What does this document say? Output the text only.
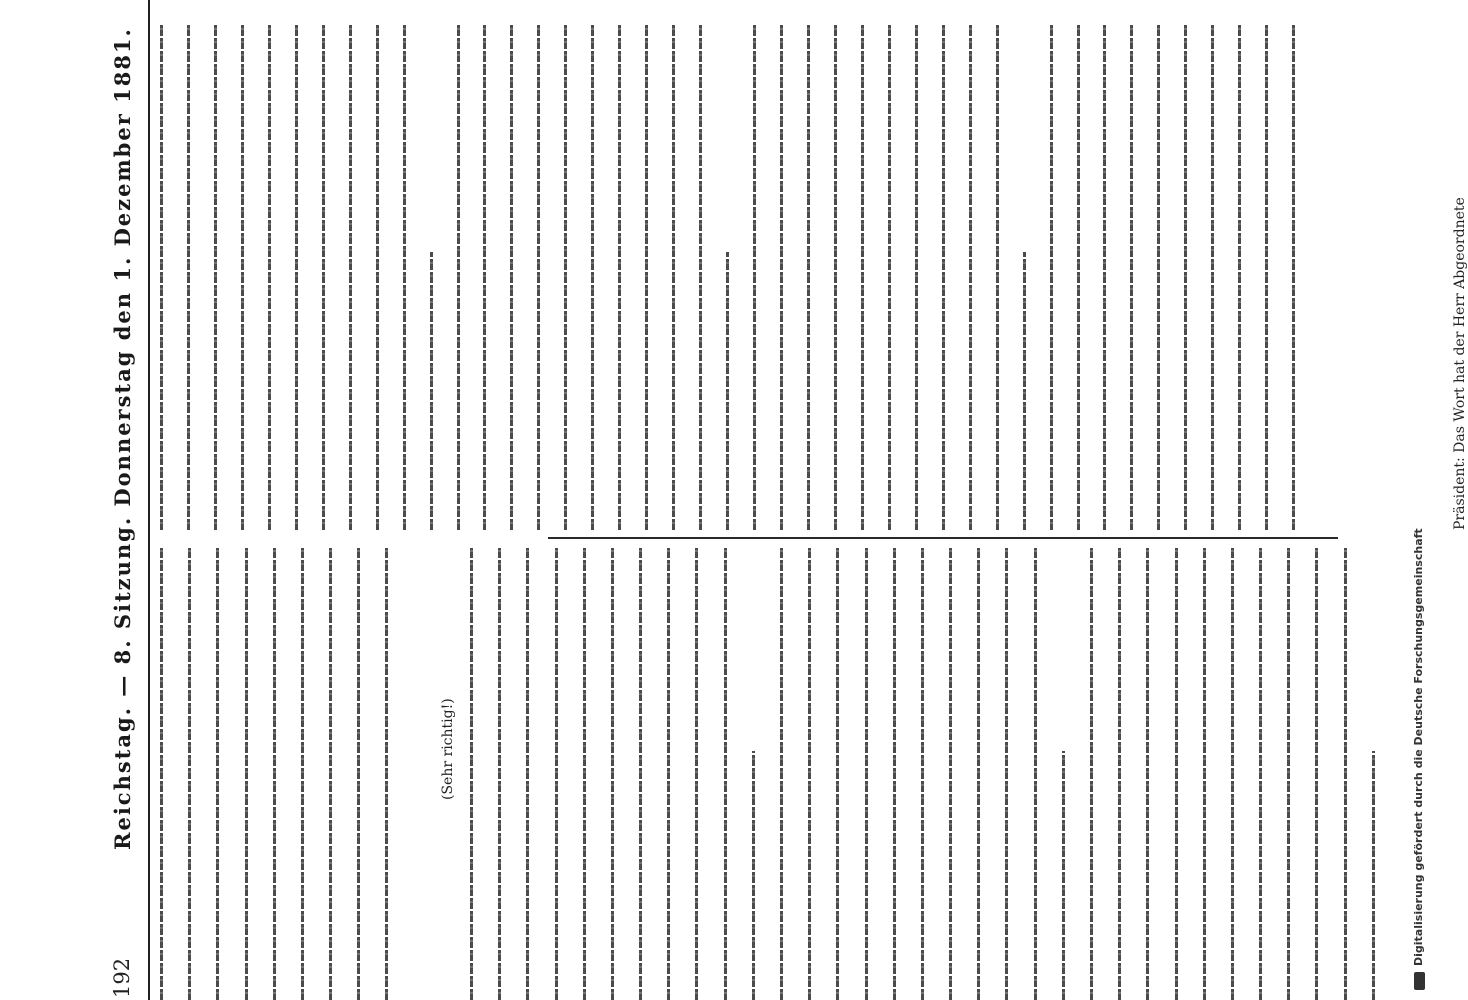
192
Reichstag. — 8. Sitzung. Donnerstag den 1. Dezember 1881.	(Sehr richtig!)
Präsident: Das Wort hat der Herr Abgeordnete
Digitalisierung gefördert durch die Deutsche Forschungsgemeinschaft
